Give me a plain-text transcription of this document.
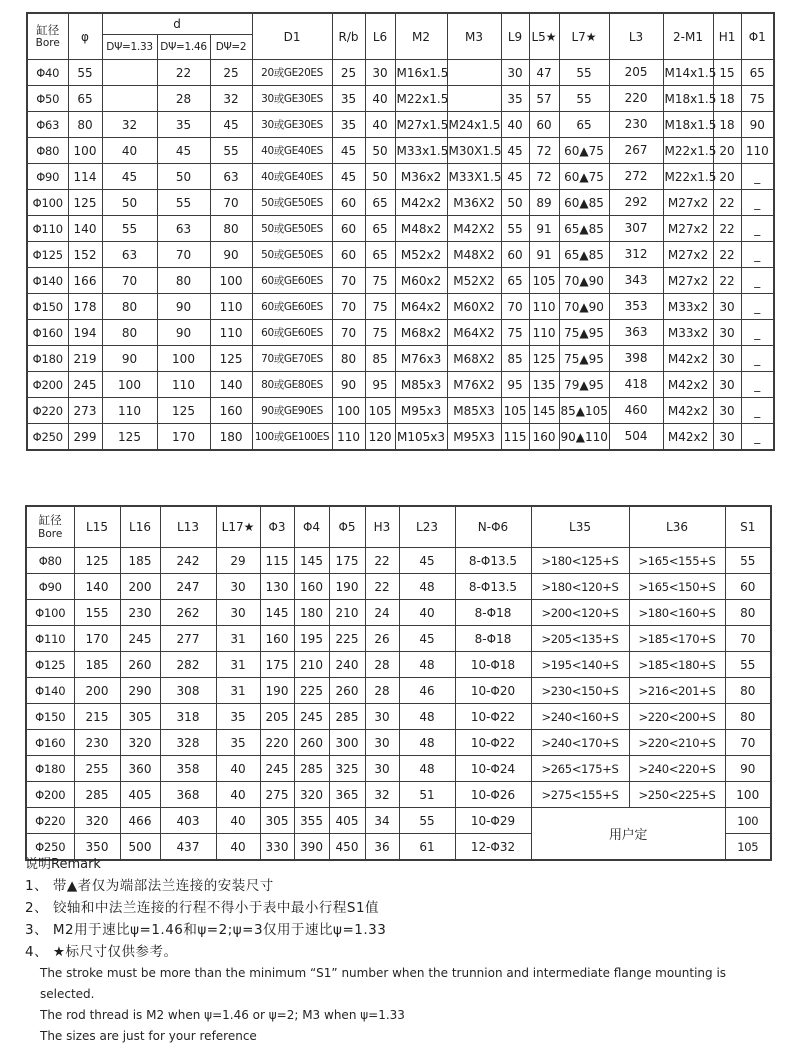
缸径
Bore	φ	d			D1	R/b	L6	M2	M3	L9	L5★	L7★	L3	2-M1	H1	Φ1
		DΨ=1.33	DΨ=1.46	DΨ=2												
Φ40	55		22	25	20或GE20ES	25	30	M16x1.5		30	47	55	205	M14x1.5	15	65
Φ50	65		28	32	30或GE30ES	35	40	M22x1.5		35	57	55	220	M18x1.5	18	75
Φ63	80	32	35	45	30或GE30ES	35	40	M27x1.5	M24x1.5	40	60	65	230	M18x1.5	18	90
Φ80	100	40	45	55	40或GE40ES	45	50	M33x1.5	M30X1.5	45	72	60▲75	267	M22x1.5	20	110
Φ90	114	45	50	63	40或GE40ES	45	50	M36x2	M33X1.5	45	72	60▲75	272	M22x1.5	20	_
Φ100	125	50	55	70	50或GE50ES	60	65	M42x2	M36X2	50	89	60▲85	292	M27x2	22	_
Φ110	140	55	63	80	50或GE50ES	60	65	M48x2	M42X2	55	91	65▲85	307	M27x2	22	_
Φ125	152	63	70	90	50或GE50ES	60	65	M52x2	M48X2	60	91	65▲85	312	M27x2	22	_
Φ140	166	70	80	100	60或GE60ES	70	75	M60x2	M52X2	65	105	70▲90	343	M27x2	22	_
Φ150	178	80	90	110	60或GE60ES	70	75	M64x2	M60X2	70	110	70▲90	353	M33x2	30	_
Φ160	194	80	90	110	60或GE60ES	70	75	M68x2	M64X2	75	110	75▲95	363	M33x2	30	_
Φ180	219	90	100	125	70或GE70ES	80	85	M76x3	M68X2	85	125	75▲95	398	M42x2	30	_
Φ200	245	100	110	140	80或GE80ES	90	95	M85x3	M76X2	95	135	79▲95	418	M42x2	30	_
Φ220	273	110	125	160	90或GE90ES	100	105	M95x3	M85X3	105	145	85▲105	460	M42x2	30	_
Φ250	299	125	170	180	100或GE100ES	110	120	M105x3	M95X3	115	160	90▲110	504	M42x2	30	_
缸径
Bore	L15	L16	L13	L17★	Φ3	Φ4	Φ5	H3	L23	N-Φ6	L35	L36	S1
Φ80	125	185	242	29	115	145	175	22	45	8-Φ13.5	>180<125+S	>165<155+S	55
Φ90	140	200	247	30	130	160	190	22	48	8-Φ13.5	>180<120+S	>165<150+S	60
Φ100	155	230	262	30	145	180	210	24	40	8-Φ18	>200<120+S	>180<160+S	80
Φ110	170	245	277	31	160	195	225	26	45	8-Φ18	>205<135+S	>185<170+S	70
Φ125	185	260	282	31	175	210	240	28	48	10-Φ18	>195<140+S	>185<180+S	55
Φ140	200	290	308	31	190	225	260	28	46	10-Φ20	>230<150+S	>216<201+S	80
Φ150	215	305	318	35	205	245	285	30	48	10-Φ22	>240<160+S	>220<200+S	80
Φ160	230	320	328	35	220	260	300	30	48	10-Φ22	>240<170+S	>220<210+S	70
Φ180	255	360	358	40	245	285	325	30	48	10-Φ24	>265<175+S	>240<220+S	90
Φ200	285	405	368	40	275	320	365	32	51	10-Φ26	>275<155+S	>250<225+S	100
Φ220	320	466	403	40	305	355	405	34	55	10-Φ29	用户定		100
Φ250	350	500	437	40	330	390	450	36	61	12-Φ32			105
说明Remark
1、 带▲者仅为端部法兰连接的安装尺寸
2、 铰轴和中法兰连接的行程不得小于表中最小行程S1值
3、 M2用于速比ψ=1.46和ψ=2;ψ=3仅用于速比ψ=1.33
4、 ★标尺寸仅供参考。
The stroke must be more than the minimum “S1” number when the trunnion and intermediate flange mounting is selected.
The rod thread is M2 when ψ=1.46 or ψ=2; M3 when ψ=1.33
The sizes are just for your reference
